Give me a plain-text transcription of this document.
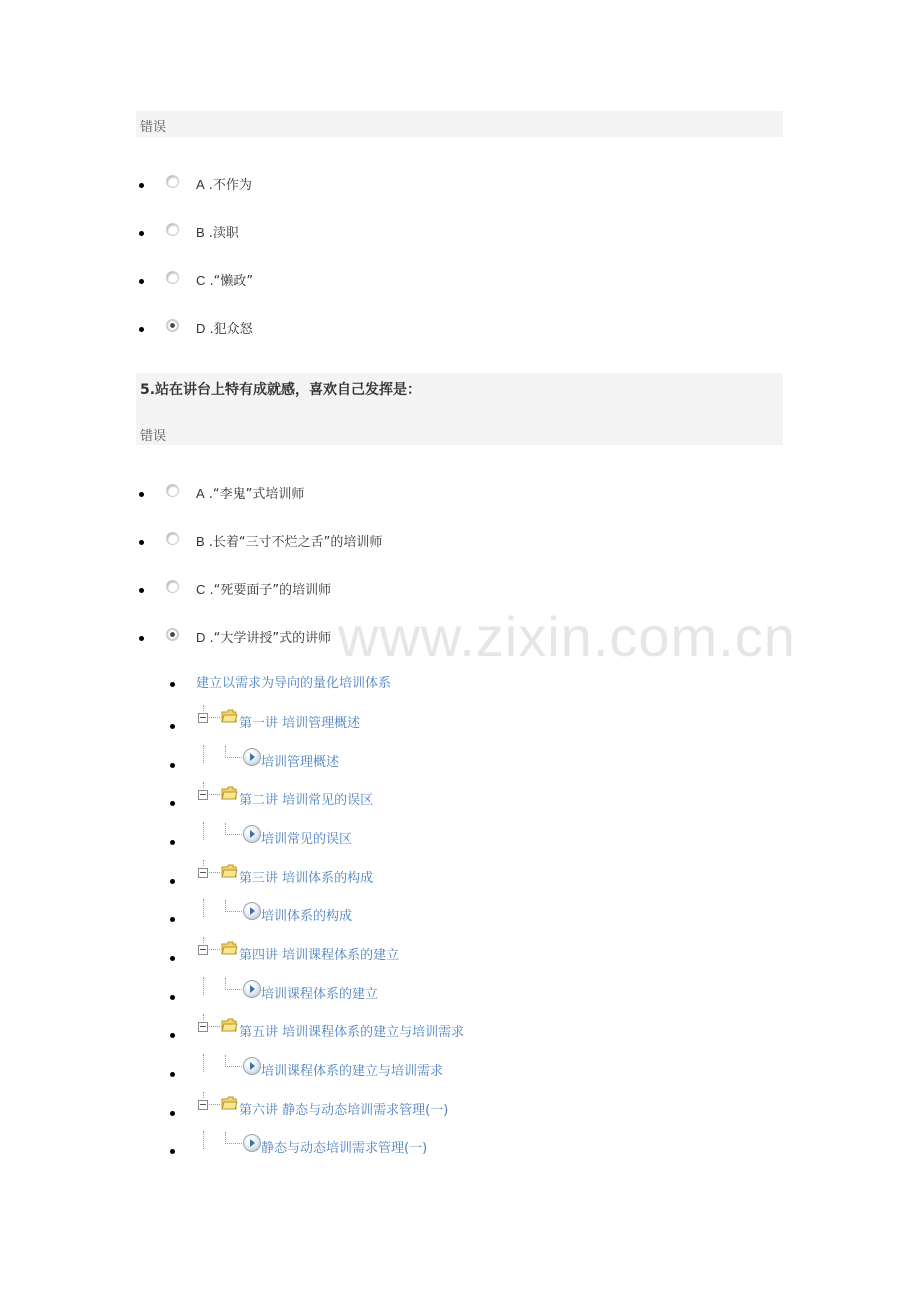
错误
A .不作为
B .渎职
C .“懒政”
D .犯众怒
5.站在讲台上特有成就感，喜欢自己发挥是：
错误
A .“李鬼”式培训师
B .长着“三寸不烂之舌”的培训师
C .“死要面子”的培训师
D .“大学讲授”式的讲师
建立以需求为导向的量化培训体系
第一讲 培训管理概述
培训管理概述
第二讲 培训常见的误区
培训常见的误区
第三讲 培训体系的构成
培训体系的构成
第四讲 培训课程体系的建立
培训课程体系的建立
第五讲 培训课程体系的建立与培训需求
培训课程体系的建立与培训需求
第六讲 静态与动态培训需求管理(一)
静态与动态培训需求管理(一)
www.zixin.com.cn
